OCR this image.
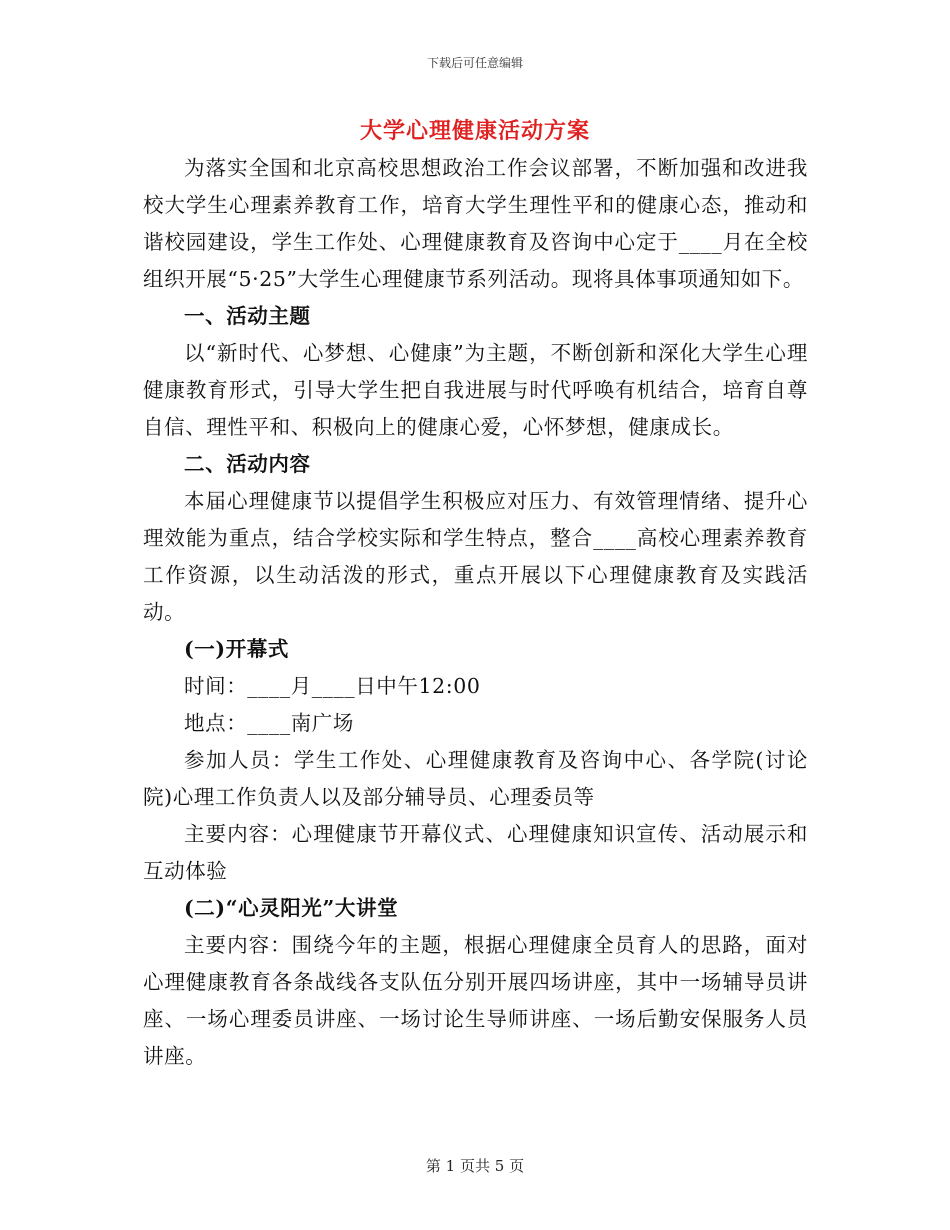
下载后可任意编辑
大学心理健康活动方案

为落实全国和北京高校思想政治工作会议部署，不断加强和改进我校大学生心理素养教育工作，培育大学生理性平和的健康心态，推动和谐校园建设，学生工作处、心理健康教育及咨询中心定于____月在全校组织开展“5·25”大学生心理健康节系列活动。现将具体事项通知如下。

一、活动主题

以“新时代、心梦想、心健康”为主题，不断创新和深化大学生心理健康教育形式，引导大学生把自我进展与时代呼唤有机结合，培育自尊自信、理性平和、积极向上的健康心爱，心怀梦想，健康成长。

二、活动内容

本届心理健康节以提倡学生积极应对压力、有效管理情绪、提升心理效能为重点，结合学校实际和学生特点，整合____高校心理素养教育工作资源，以生动活泼的形式，重点开展以下心理健康教育及实践活动。

(一)开幕式

时间：____月____日中午12:00

地点：____南广场

参加人员：学生工作处、心理健康教育及咨询中心、各学院(讨论院)心理工作负责人以及部分辅导员、心理委员等

主要内容：心理健康节开幕仪式、心理健康知识宣传、活动展示和互动体验

(二)“心灵阳光”大讲堂

主要内容：围绕今年的主题，根据心理健康全员育人的思路，面对心理健康教育各条战线各支队伍分别开展四场讲座，其中一场辅导员讲座、一场心理委员讲座、一场讨论生导师讲座、一场后勤安保服务人员讲座。

第 1 页共 5 页
